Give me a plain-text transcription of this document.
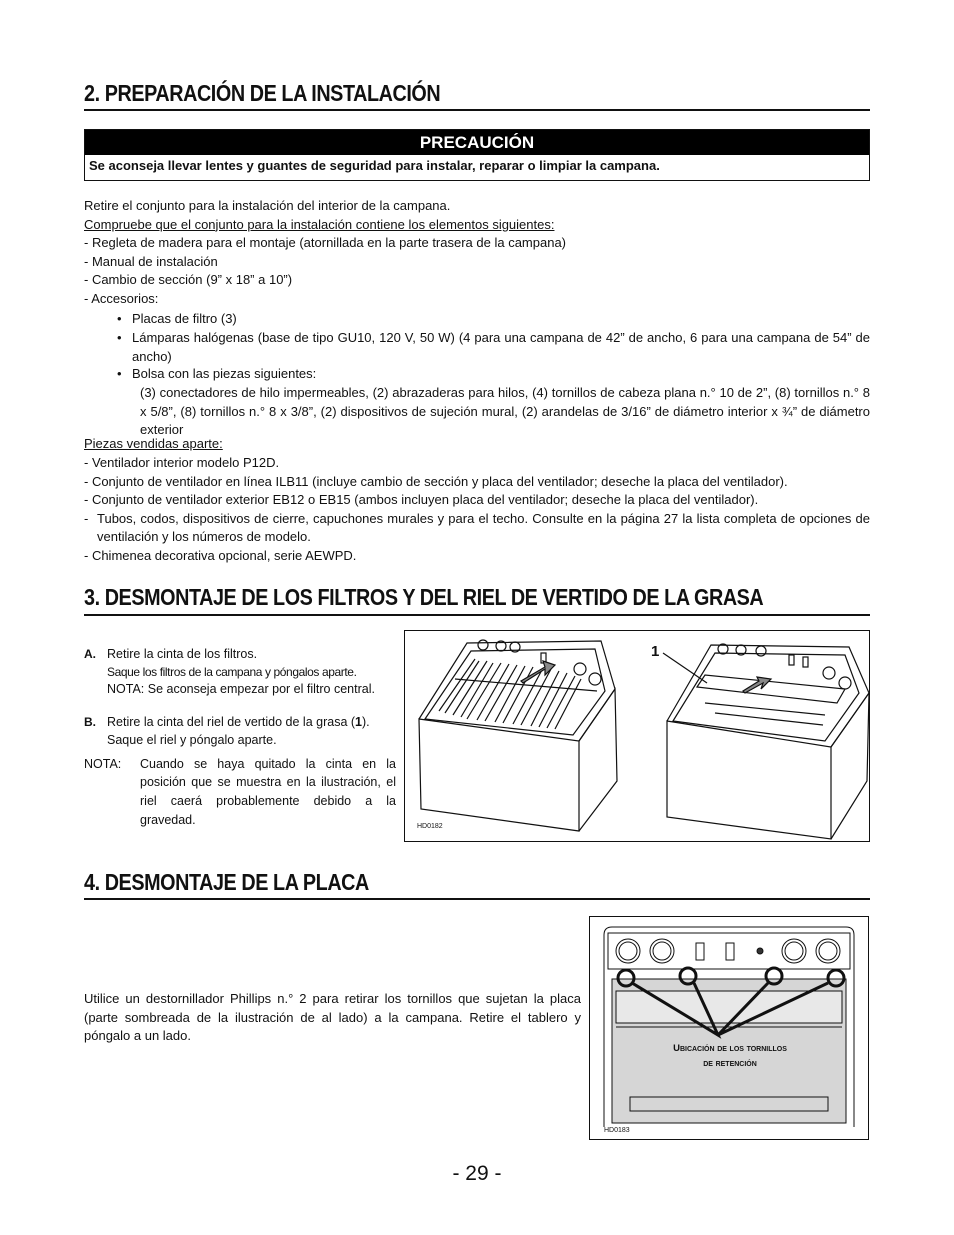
2. PREPARACIÓN DE LA INSTALACIÓN
PRECAUCIÓN
Se aconseja llevar lentes y guantes de seguridad para instalar, reparar o limpiar la campana.
Retire el conjunto para la instalación del interior de la campana.
Compruebe que el conjunto para la instalación contiene los elementos siguientes:
- Regleta de madera para el montaje (atornillada en la parte trasera de la campana)
- Manual de instalación
- Cambio de sección (9” x 18” a 10”)
- Accesorios:
• Placas de filtro (3)
• Lámparas halógenas (base de tipo GU10, 120 V, 50 W) (4 para una campana de 42” de ancho, 6 para una campana de 54” de ancho)
• Bolsa con las piezas siguientes:
(3) conectadores de hilo impermeables, (2) abrazaderas para hilos, (4) tornillos de cabeza plana n.° 10 de 2”, (8) tornillos n.° 8 x 5/8”, (8) tornillos n.° 8 x 3/8”, (2) dispositivos de sujeción mural, (2) arandelas de 3/16” de diámetro interior x ¾” de diámetro exterior
Piezas vendidas aparte:
- Ventilador interior modelo P12D.
- Conjunto de ventilador en línea ILB11 (incluye cambio de sección y placa del ventilador; deseche la placa del ventilador).
- Conjunto de ventilador exterior EB12 o EB15 (ambos incluyen placa del ventilador; deseche la placa del ventilador).
- Tubos, codos, dispositivos de cierre, capuchones murales y para el techo. Consulte en la página 27 la lista completa de opciones de ventilación y los números de modelo.
- Chimenea decorativa opcional, serie AEWPD.
3. DESMONTAJE DE LOS FILTROS Y DEL RIEL DE VERTIDO DE LA GRASA
A. Retire la cinta de los filtros.
Saque los filtros de la campana y póngalos aparte.
NOTA: Se aconseja empezar por el filtro central.
B. Retire la cinta del riel de vertido de la grasa (1).
Saque el riel y póngalo aparte.
NOTA: Cuando se haya quitado la cinta en la posición que se muestra en la ilustración, el riel caerá probablemente debido a la gravedad.
1
HD0182
4. DESMONTAJE DE LA PLACA
Utilice un destornillador Phillips n.° 2 para retirar los tornillos que sujetan la placa (parte sombreada de la ilustración de al lado) a la campana. Retire el tablero y póngalo a un lado.
Ubicación de los tornillos
de retención
HD0183
- 29 -
